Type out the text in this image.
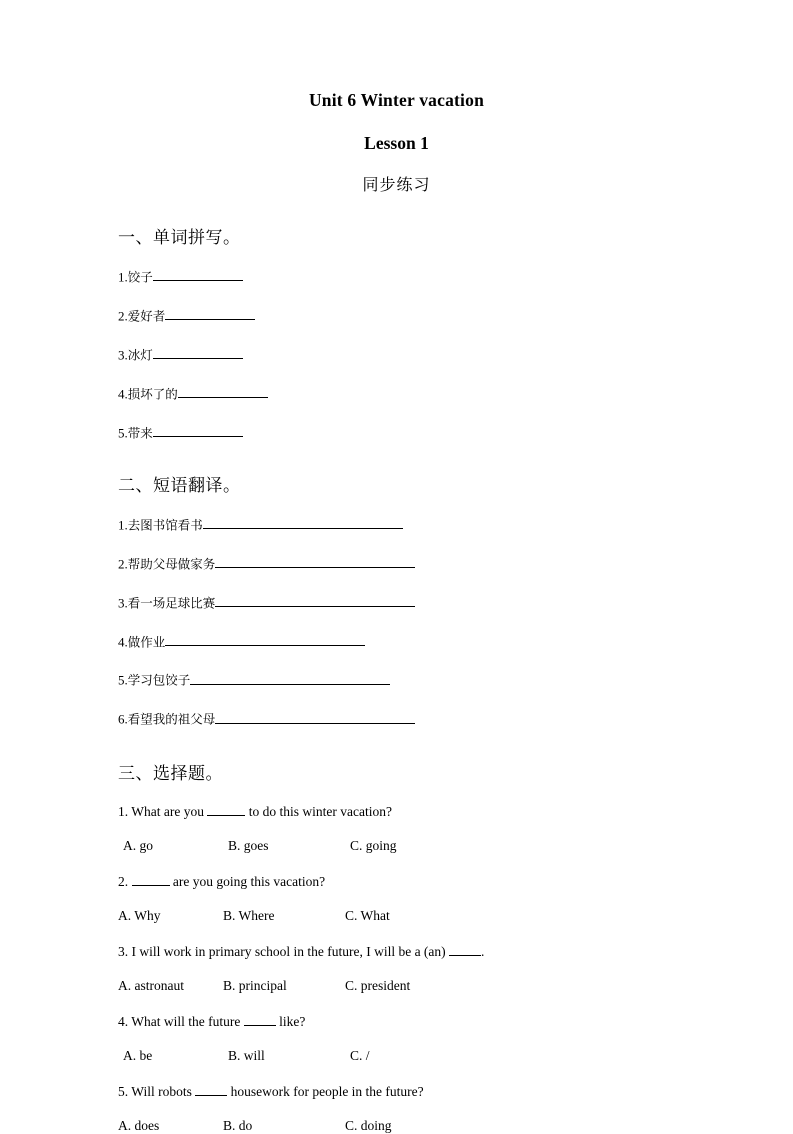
Unit 6 Winter vacation
Lesson 1
同步练习
一、单词拼写。
1.饺子
2.爱好者
3.冰灯
4.损坏了的
5.带来
二、短语翻译。
1.去图书馆看书
2.帮助父母做家务
3.看一场足球比赛
4.做作业
5.学习包饺子
6.看望我的祖父母
三、选择题。
1. What are you	to do this winter vacation?
A. go	B. goes	C. going
2.	are you going this vacation?
A. Why	B. Where	C. What
3. I will work in primary school in the future, I will be a (an) .
A. astronaut	B. principal	C. president
4. What will the future  like?
A. be	B. will	C. /
5. Will robots  housework for people in the future?
A. does	B. do	C. doing
